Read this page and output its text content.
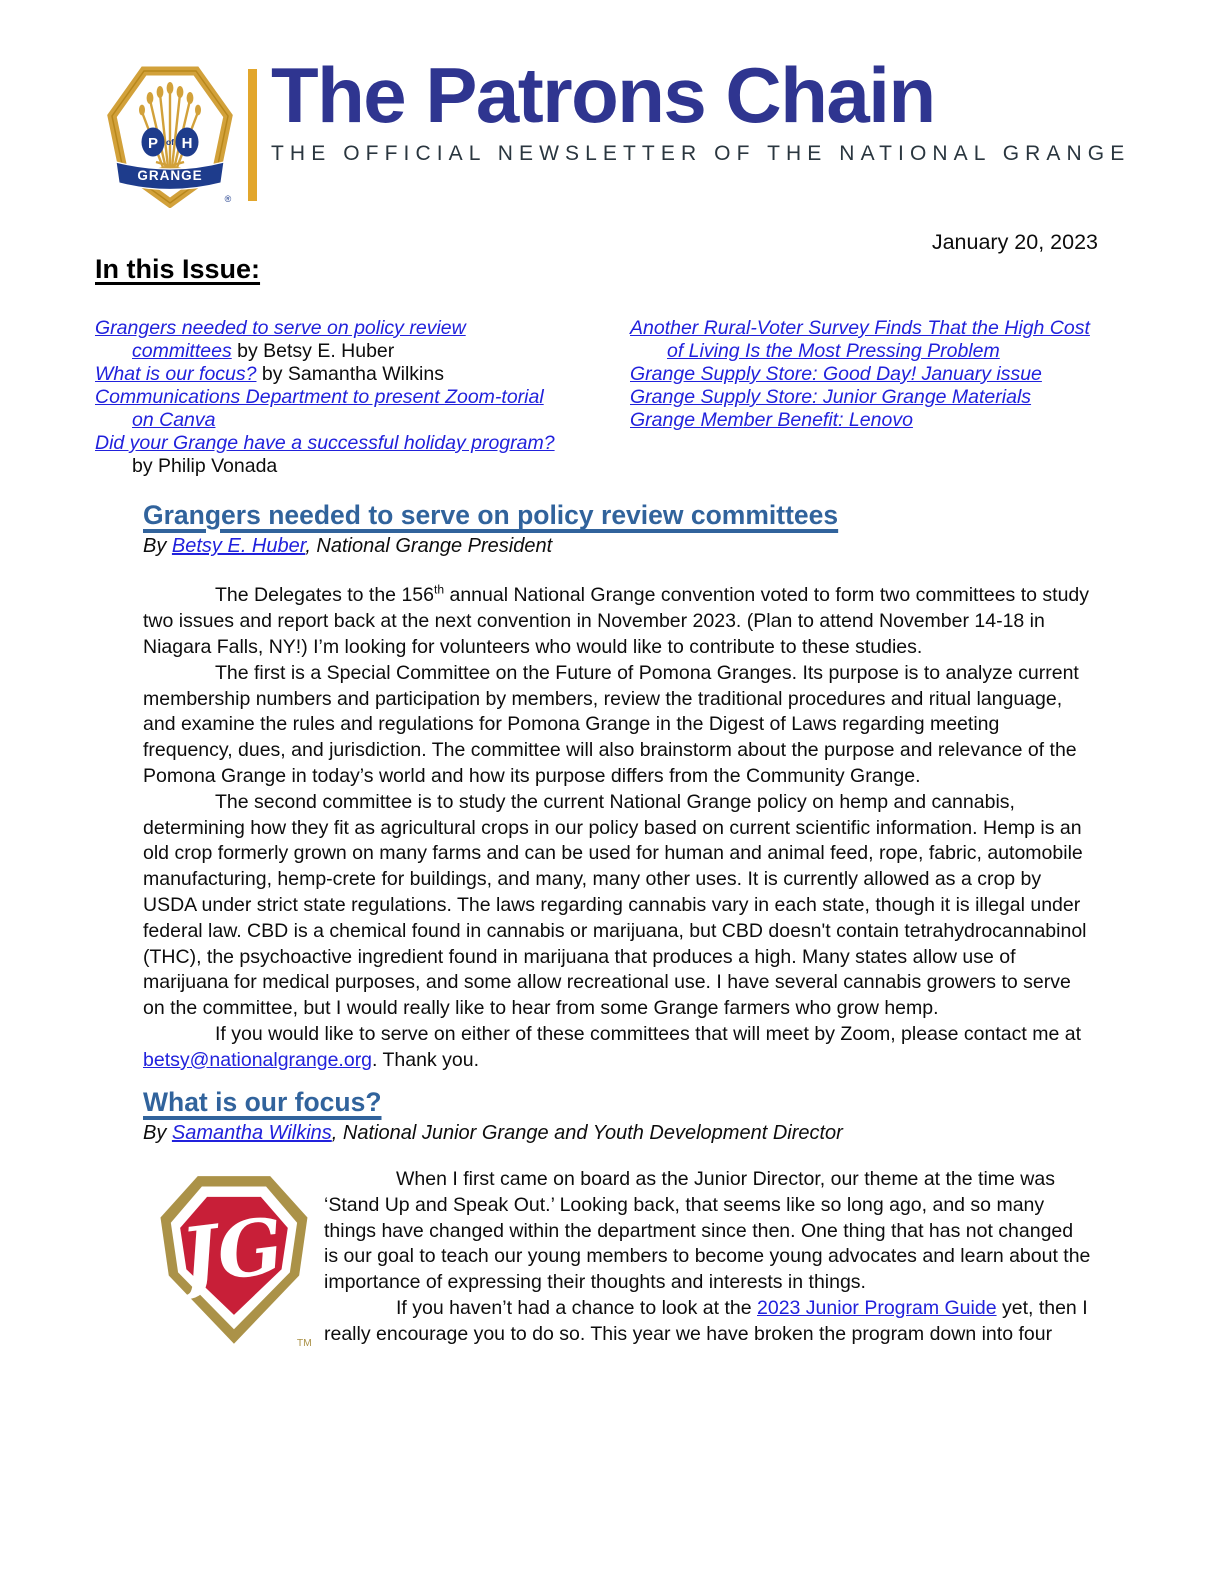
P H
of
GRANGE
®
The Patrons Chain
THE OFFICIAL NEWSLETTER OF THE NATIONAL GRANGE
January 20, 2023
In this Issue:
Grangers needed to serve on policy review committees by Betsy E. Huber
What is our focus? by Samantha Wilkins
Communications Department to present Zoom-torial on Canva
Did your Grange have a successful holiday program? by Philip Vonada
Another Rural-Voter Survey Finds That the High Cost of Living Is the Most Pressing Problem
Grange Supply Store: Good Day! January issue
Grange Supply Store: Junior Grange Materials
Grange Member Benefit: Lenovo
Grangers needed to serve on policy review committees
By Betsy E. Huber, National Grange President

The Delegates to the 156th annual National Grange convention voted to form two committees to study two issues and report back at the next convention in November 2023. (Plan to attend November 14-18 in Niagara Falls, NY!) I’m looking for volunteers who would like to contribute to these studies.

The first is a Special Committee on the Future of Pomona Granges. Its purpose is to analyze current membership numbers and participation by members, review the traditional procedures and ritual language, and examine the rules and regulations for Pomona Grange in the Digest of Laws regarding meeting frequency, dues, and jurisdiction. The committee will also brainstorm about the purpose and relevance of the Pomona Grange in today’s world and how its purpose differs from the Community Grange.

The second committee is to study the current National Grange policy on hemp and cannabis, determining how they fit as agricultural crops in our policy based on current scientific information. Hemp is an old crop formerly grown on many farms and can be used for human and animal feed, rope, fabric, automobile manufacturing, hemp-crete for buildings, and many, many other uses. It is currently allowed as a crop by USDA under strict state regulations. The laws regarding cannabis vary in each state, though it is illegal under federal law. CBD is a chemical found in cannabis or marijuana, but CBD doesn't contain tetrahydrocannabinol (THC), the psychoactive ingredient found in marijuana that produces a high. Many states allow use of marijuana for medical purposes, and some allow recreational use. I have several cannabis growers to serve on the committee, but I would really like to hear from some Grange farmers who grow hemp.

If you would like to serve on either of these committees that will meet by Zoom, please contact me at betsy@nationalgrange.org. Thank you.

What is our focus?
By Samantha Wilkins, National Junior Grange and Youth Development Director
JG
TM

When I first came on board as the Junior Director, our theme at the time was ‘Stand Up and Speak Out.’ Looking back, that seems like so long ago, and so many things have changed within the department since then. One thing that has not changed is our goal to teach our young members to become young advocates and learn about the importance of expressing their thoughts and interests in things.

If you haven’t had a chance to look at the 2023 Junior Program Guide yet, then I really encourage you to do so. This year we have broken the program down into four
